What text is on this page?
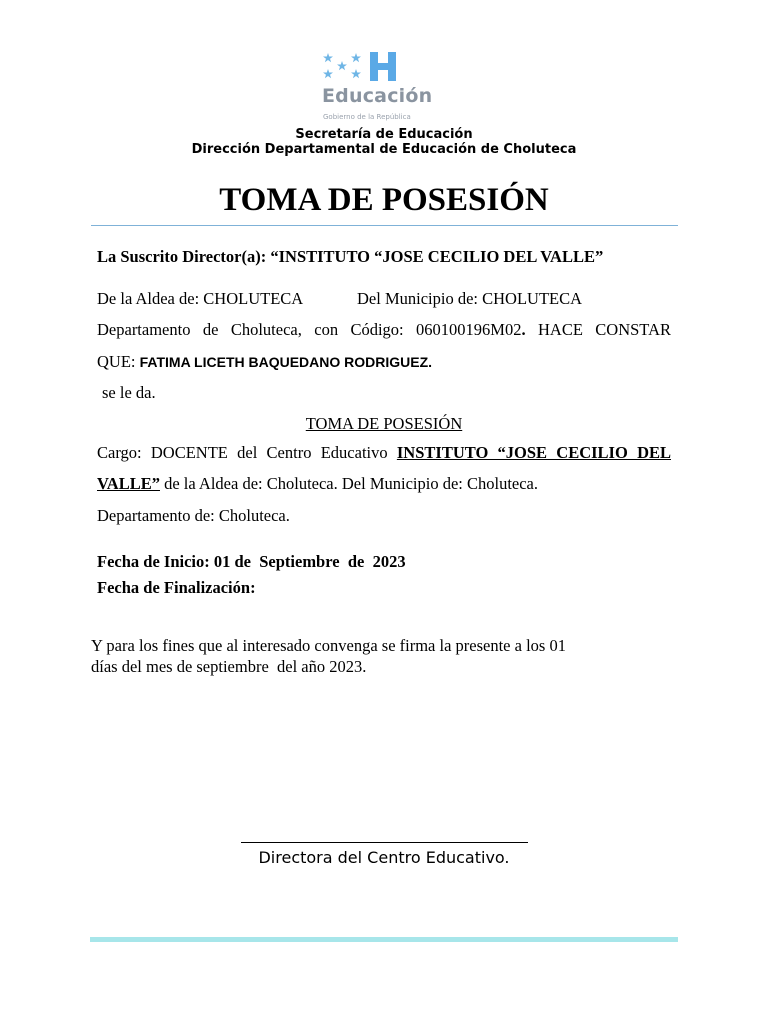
Educación
Gobierno de la República
Secretaría de Educación
Dirección Departamental de Educación de Choluteca
TOMA DE POSESIÓN
La Suscrito Director(a): “INSTITUTO “JOSE CECILIO DEL VALLE”
De la Aldea de: CHOLUTECA	Del Municipio de: CHOLUTECA
Departamento de Choluteca, con Código: 060100196M02. HACE CONSTAR
QUE: FATIMA LICETH BAQUEDANO RODRIGUEZ.
se le da.
TOMA DE POSESIÓN
Cargo: DOCENTE del Centro Educativo INSTITUTO “JOSE CECILIO DEL
VALLE” de la Aldea de: Choluteca. Del Municipio de: Choluteca.
Departamento de: Choluteca.
Fecha de Inicio: 01 de  Septiembre  de  2023
Fecha de Finalización:
Y para los fines que al interesado convenga se firma la presente a los 01
días del mes de septiembre  del año 2023.
Directora del Centro Educativo.
